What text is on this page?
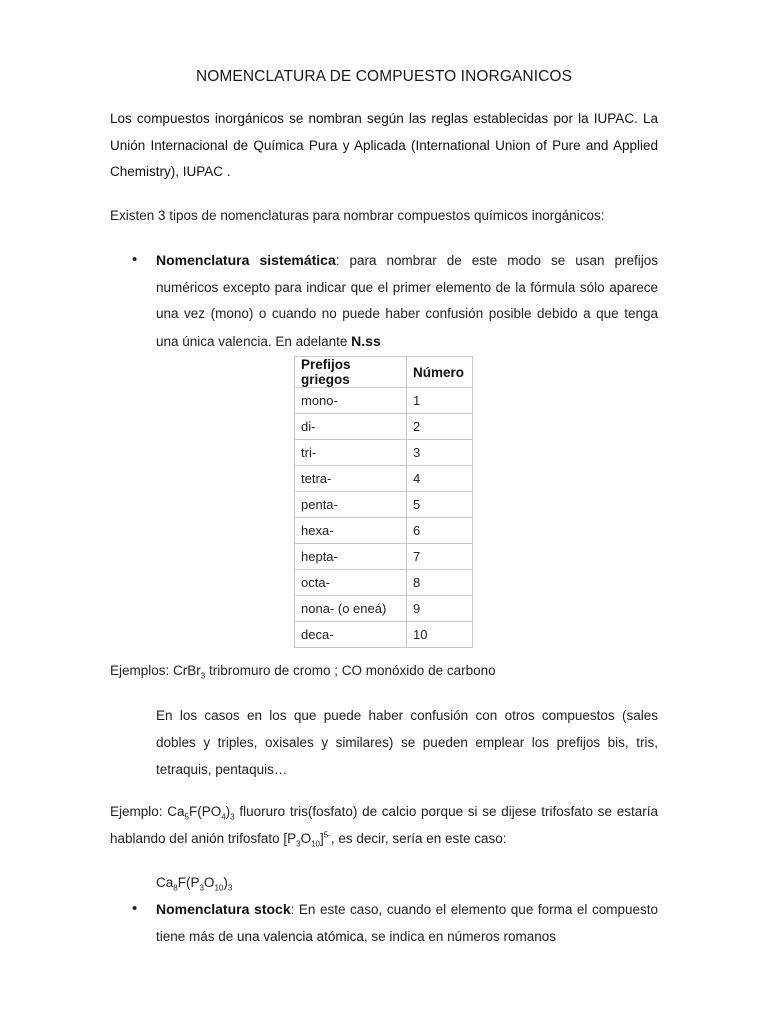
NOMENCLATURA DE COMPUESTO INORGANICOS
Los compuestos inorgánicos se nombran según las reglas establecidas por la IUPAC. La Unión Internacional de Química Pura y Aplicada (International Union of Pure and Applied Chemistry), IUPAC .
Existen 3 tipos de nomenclaturas para nombrar compuestos químicos inorgánicos:
• Nomenclatura sistemática: para nombrar de este modo se usan prefijos numéricos excepto para indicar que el primer elemento de la fórmula sólo aparece una vez (mono) o cuando no puede haber confusión posible debido a que tenga una única valencia. En adelante N.ss
Prefijos griegos	Número
mono-	1
di-	2
tri-	3
tetra-	4
penta-	5
hexa-	6
hepta-	7
octa-	8
nona- (o eneá)	9
deca-	10
Ejemplos: CrBr$_3$ tribromuro de cromo ; CO monóxido de carbono
En los casos en los que puede haber confusión con otros compuestos (sales dobles y triples, oxisales y similares) se pueden emplear los prefijos bis, tris, tetraquis, pentaquis…
Ejemplo: $Ca_5F(PO_4)_3$ fluoruro tris(fosfato) de calcio porque si se dijese trifosfato se estaría hablando del anión trifosfato $[P_3O_{10}]^{5-}$, es decir, sería en este caso:
$Ca_8F(P_3O_{10})_3$
• Nomenclatura stock: En este caso, cuando el elemento que forma el compuesto tiene más de una valencia atómica, se indica en números romanos
